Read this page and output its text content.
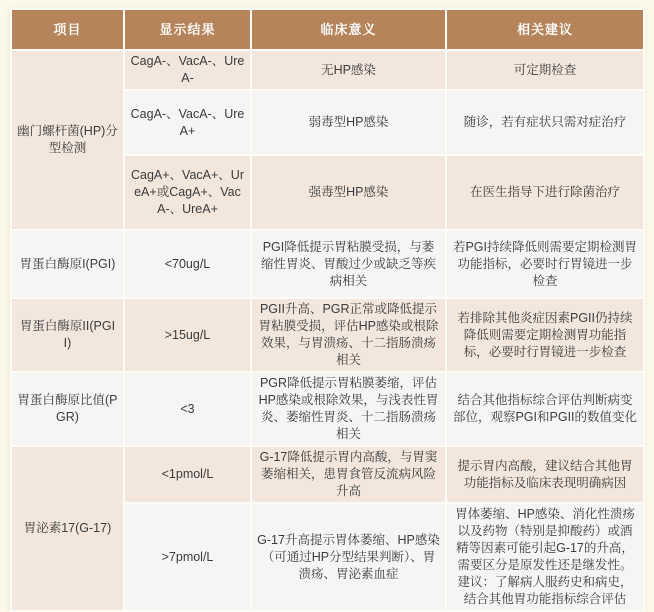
项目	显示结果	临床意义	相关建议
幽门螺杆菌(HP)分型检测	CagA-、VacA-、UreA-	无HP感染	可定期检查
	CagA-、VacA-、UreA+	弱毒型HP感染	随诊，若有症状只需对症治疗
	CagA+、VacA+、UreA+或CagA+、VacA-、UreA+	强毒型HP感染	在医生指导下进行除菌治疗
胃蛋白酶原I(PGI)	<70ug/L	PGI降低提示胃粘膜受损，与萎缩性胃炎、胃酸过少或缺乏等疾病相关	若PGI持续降低则需要定期检测胃功能指标，必要时行胃镜进一步检查
胃蛋白酶原II(PGII)	>15ug/L	PGII升高、PGR正常或降低提示胃粘膜受损，评估HP感染或根除效果，与胃溃疡、十二指肠溃疡相关	若排除其他炎症因素PGII仍持续降低则需要定期检测胃功能指标，必要时行胃镜进一步检查
胃蛋白酶原比值(PGR)	<3	PGR降低提示胃粘膜萎缩，评估HP感染或根除效果，与浅表性胃炎、萎缩性胃炎、十二指肠溃疡相关	结合其他指标综合评估判断病变部位，观察PGI和PGII的数值变化
胃泌素17(G-17)	<1pmol/L	G-17降低提示胃内高酸，与胃窦萎缩相关，患胃食管反流病风险升高	提示胃内高酸，建议结合其他胃功能指标及临床表现明确病因
	>7pmol/L	G-17升高提示胃体萎缩、HP感染（可通过HP分型结果判断）、胃溃疡、胃泌素血症	胃体萎缩、HP感染、消化性溃疡以及药物（特别是抑酸药）或酒精等因素可能引起G-17的升高，需要区分是原发性还是继发性。建议：了解病人服药史和病史，结合其他胃功能指标综合评估
